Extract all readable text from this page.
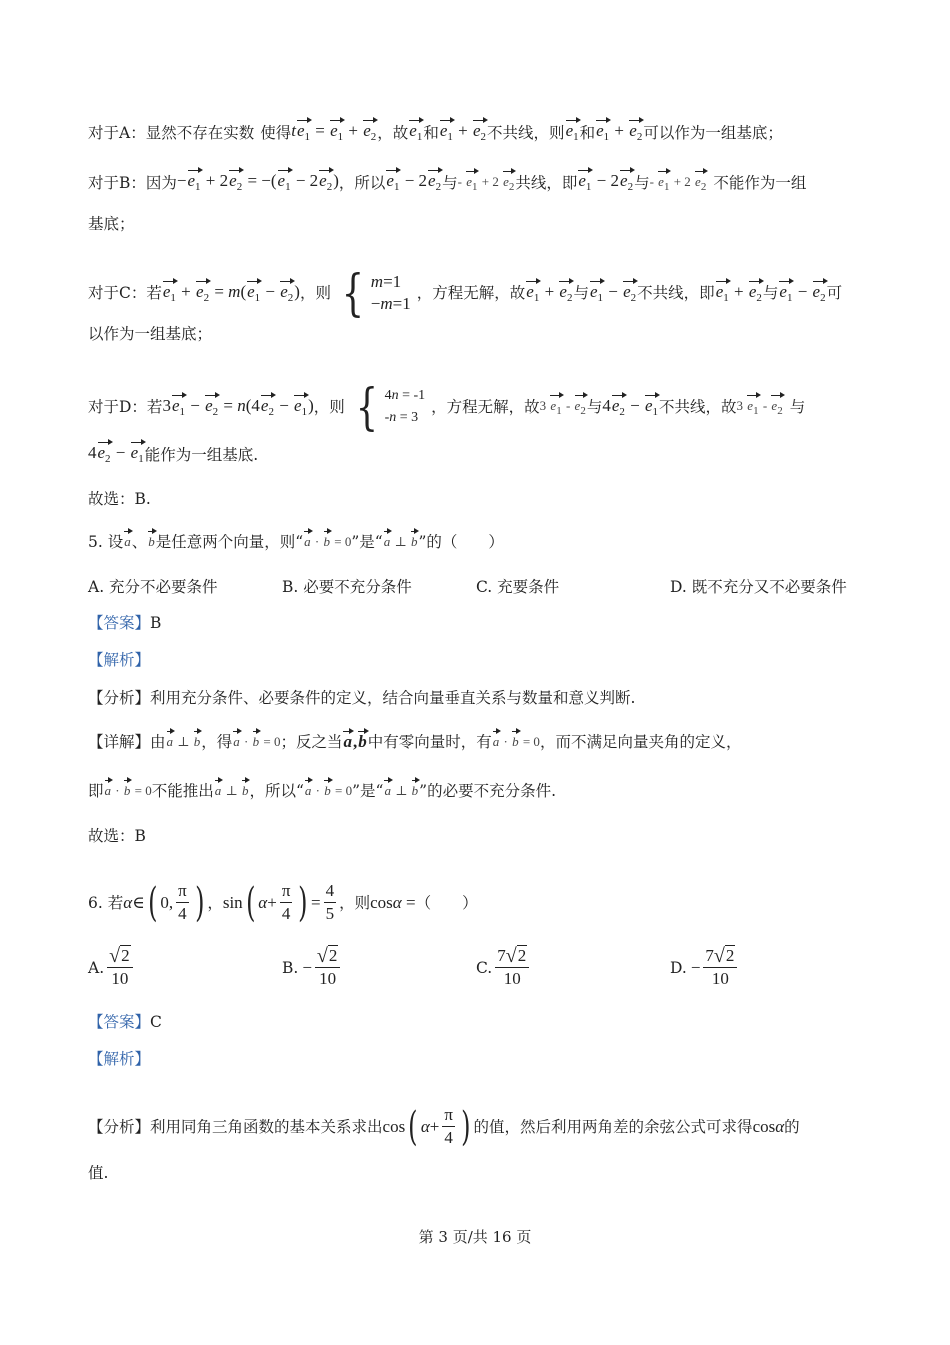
对于A：显然不存在实数 使得 $te_1 = e_1 + e_2$ ，故 $e_1$ 和 $e_1 + e_2$ 不共线，则 $e_1$ 和 $e_1 + e_2$ 可以作为一组基底；
对于B：因为 $-e_1 + 2e_2 = -(e_1 - 2e_2)$ ，所以 $e_1 - 2e_2$ 与 - $e_1 + 2$ $e_2$ 共线，即 $e_1 - 2e_2$ 与 - $e_1 + 2$ $e_2$ 不能作为一组
基底；
对于C：若 $e_1 + e_2 = m(e_1 - e_2)$ ，则 { m=1
−m=1
，方程无解，故 $e_1 + e_2$ 与 $e_1 - e_2$ 不共线，即 $e_1 + e_2$ 与 $e_1 - e_2$ 可
以作为一组基底；
对于D：若 $3e_1 - e_2 = n(4e_2 - e_1)$ ，则 { 4n = -1
-n = 3
，方程无解，故 3 $e_1 - e_2$ 与 $4e_2 - e_1$ 不共线，故 3 $e_1 - e_2$ 与
$4e_2 - e_1$ 能作为一组基底.
故选：B.
5. 设 a 、 b 是任意两个向量，则“ a · b = 0 ”是“ a ⊥ b ”的（　　）
A. 充分不必要条件	B. 必要不充分条件	C. 充要条件	D. 既不充分又不必要条件
【答案】 B
【解析】
【分析】 利用充分条件、必要条件的定义，结合向量垂直关系与数量和意义判断.
【详解】 由 a ⊥ b ，得 a · b = 0 ；反之当 a,b 中有零向量时，有 a · b = 0 ，而不满足向量夹角的定义，
即 a · b = 0 不能推出 a ⊥ b ，所以“ a · b = 0 ”是“ a ⊥ b ”的必要不充分条件.
故选：B
6. 若 α ∈ ( 0, $\frac{\pi}{4}$ ) ， sin ( $\alpha + \frac{\pi}{4}$ ) = $\frac{4}{5}$ ，则 cosα = （　　）
A. $\frac{√ 2}{10}$	B. − $\frac{√ 2}{10}$	C. $\frac{7 √ 2}{10}$	D. − $\frac{7 √ 2}{10}$
【答案】 C
【解析】
【分析】 利用同角三角函数的基本关系求出 cos ( $\alpha + \frac{\pi}{4}$ ) 的值，然后利用两角差的余弦公式可求得 cosα 的
值.
第 3 页/共 16 页
